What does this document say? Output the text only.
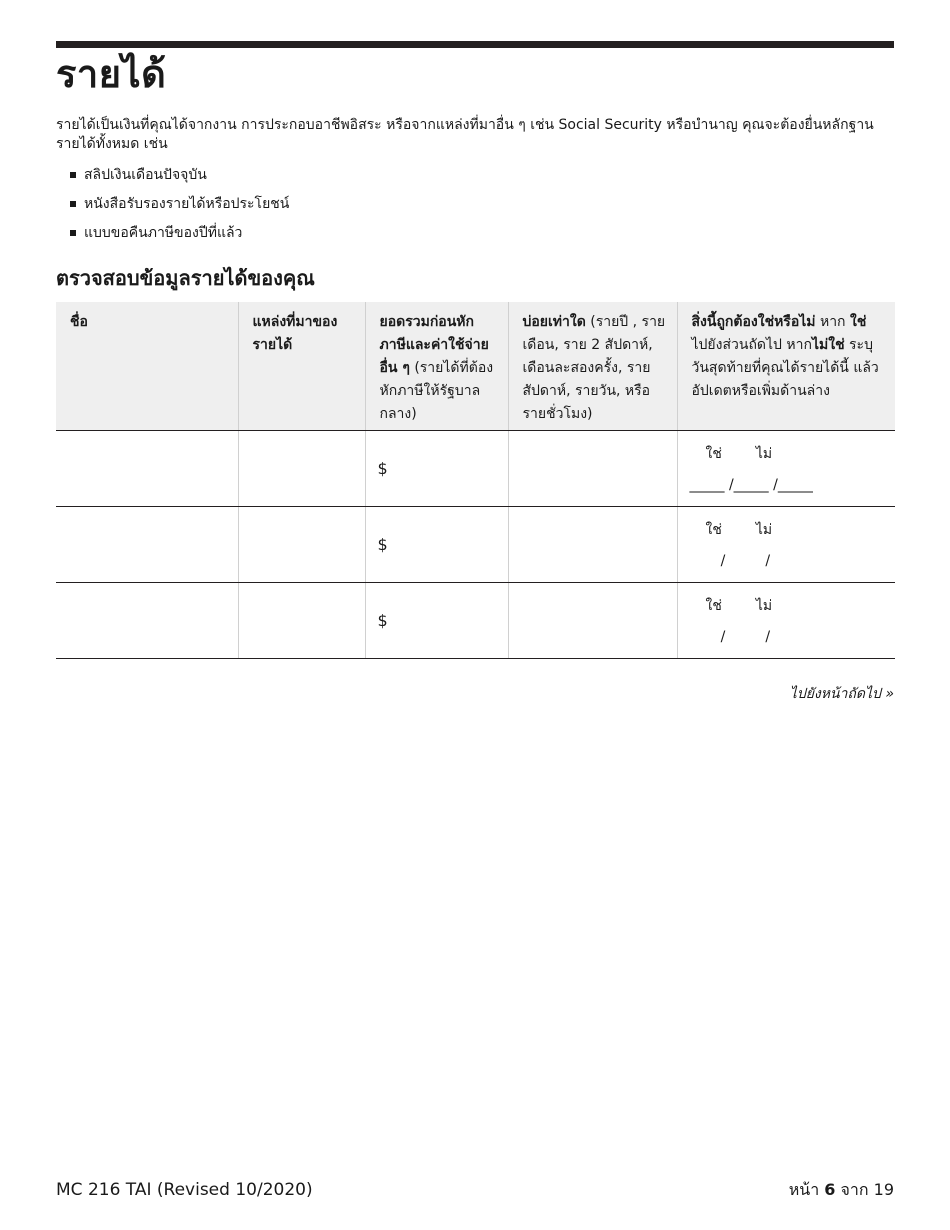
รายได้

รายได้เป็นเงินที่คุณได้จากงาน การประกอบอาชีพอิสระ หรือจากแหล่งที่มาอื่น ๆ เช่น Social Security หรือบำนาญ คุณจะต้องยื่นหลักฐานรายได้ทั้งหมด เช่น

สลิปเงินเดือนปัจจุบัน
หนังสือรับรองรายได้หรือประโยชน์
แบบขอคืนภาษีของปีที่แล้ว
ตรวจสอบข้อมูลรายได้ของคุณ
ชื่อ	แหล่งที่มาของรายได้	ยอดรวมก่อนหักภาษีและค่าใช้จ่ายอื่น ๆ (รายได้ที่ต้องหักภาษีให้รัฐบาลกลาง)	บ่อยเท่าใด (รายปี , รายเดือน, ราย 2 สัปดาห์, เดือนละสองครั้ง, รายสัปดาห์, รายวัน, หรือ รายชั่วโมง)	สิ่งนี้ถูกต้องใช่หรือไม่ หาก ใช่ ไปยังส่วนถัดไป หากไม่ใช่ ระบุวันสุดท้ายที่คุณได้รายได้นี้ แล้วอัปเดตหรือเพิ่มด้านล่าง

		$		ใช่ ไม่
_____ /_____ /_____

		$		ใช่ ไม่
/         /

		$		ใช่ ไม่
/         /
ไปยังหน้าถัดไป »
MC 216 TAI (Revised 10/2020)	หน้า 6 จาก 19
